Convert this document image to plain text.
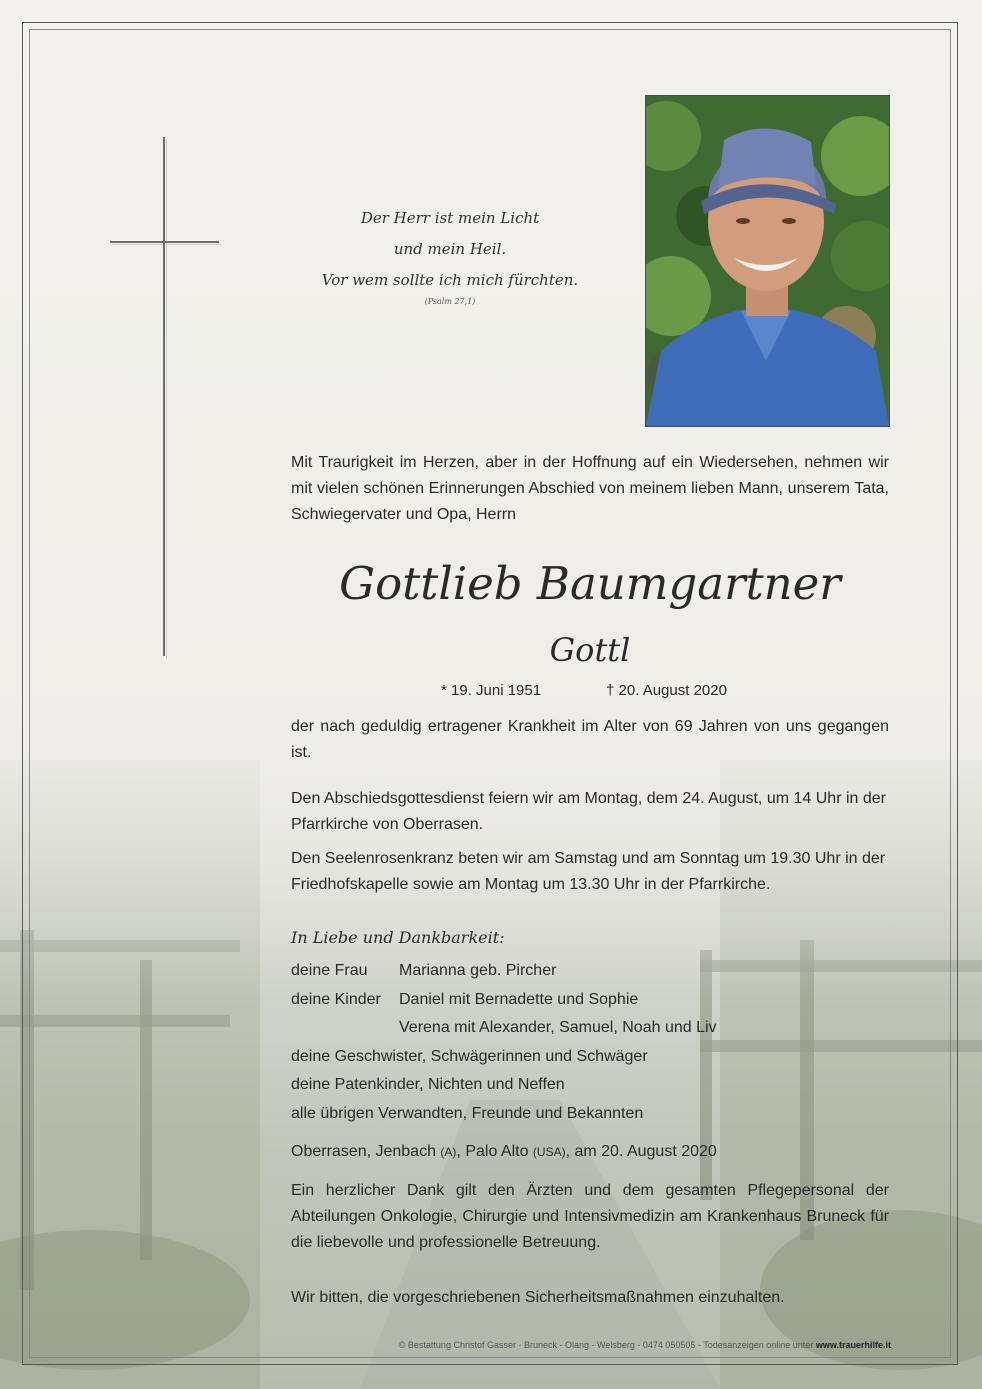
Der Herr ist mein Licht
und mein Heil.
Vor wem sollte ich mich fürchten.
(Psalm 27,1)
Mit Traurigkeit im Herzen, aber in der Hoffnung auf ein Wiedersehen, nehmen wir mit vielen schönen Erinnerungen Abschied von meinem lieben Mann, unserem Tata, Schwiegervater und Opa, Herrn
Gottlieb Baumgartner
Gottl
* 19. Juni 1951	† 20. August 2020
der nach geduldig ertragener Krankheit im Alter von 69 Jahren von uns gegangen ist.
Den Abschiedsgottesdienst feiern wir am Montag, dem 24. August, um 14 Uhr in der Pfarrkirche von Oberrasen.
Den Seelenrosenkranz beten wir am Samstag und am Sonntag um 19.30 Uhr in der Friedhofskapelle sowie am Montag um 13.30 Uhr in der Pfarrkirche.
In Liebe und Dankbarkeit:
deine Frau	Marianna geb. Pircher
deine Kinder	Daniel mit Bernadette und Sophie
Verena mit Alexander, Samuel, Noah und Liv
deine Geschwister, Schwägerinnen und Schwäger
deine Patenkinder, Nichten und Neffen
alle übrigen Verwandten, Freunde und Bekannten
Oberrasen, Jenbach (A), Palo Alto (USA), am 20. August 2020
Ein herzlicher Dank gilt den Ärzten und dem gesamten Pflegepersonal der Abteilungen Onkologie, Chirurgie und Intensivmedizin am Krankenhaus Bruneck für die liebevolle und professionelle Betreuung.
Wir bitten, die vorgeschriebenen Sicherheitsmaßnahmen einzuhalten.
© Bestattung Christof Gasser - Bruneck - Olang - Welsberg - 0474 050505 - Todesanzeigen online unter www.trauerhilfe.it
